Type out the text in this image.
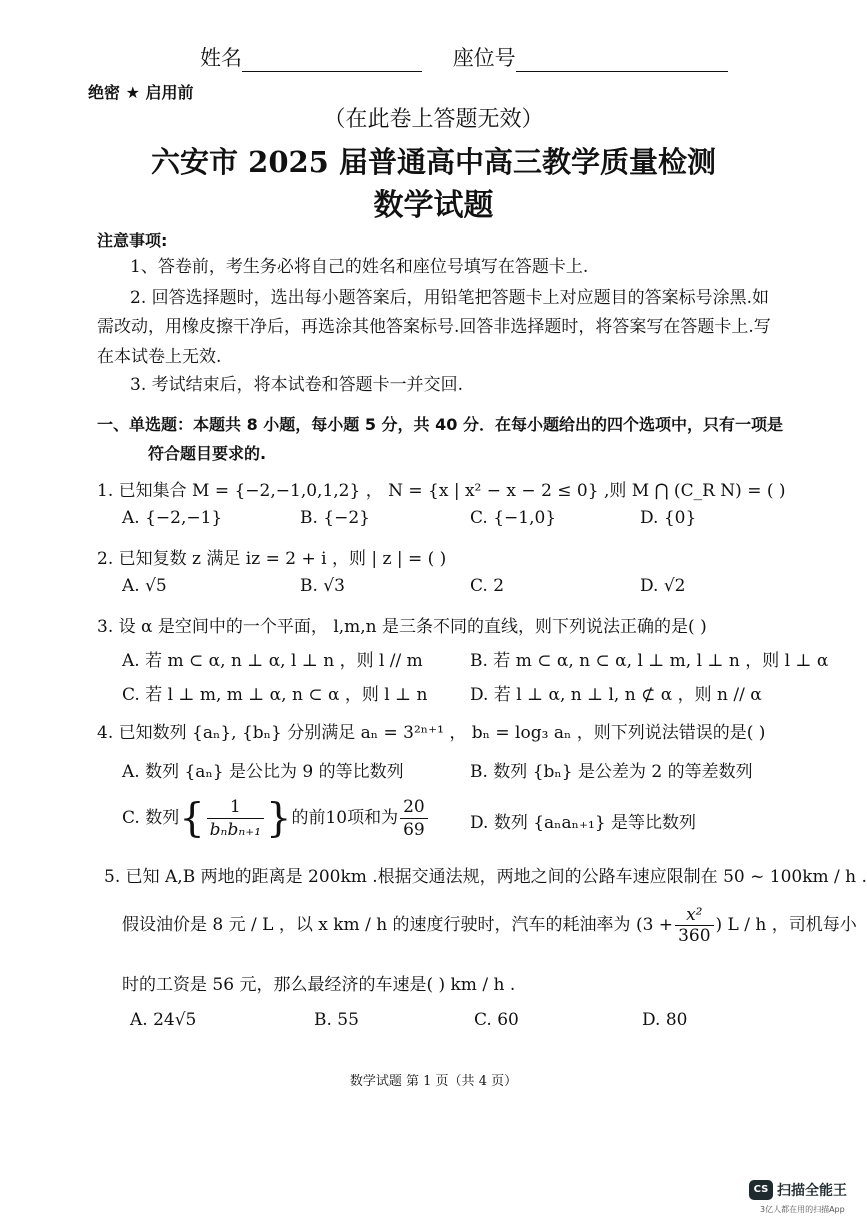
姓名	座位号
绝密 ★ 启用前
（在此卷上答题无效）
六安市 2025 届普通高中高三教学质量检测
数学试题
注意事项:
1、答卷前，考生务必将自己的姓名和座位号填写在答题卡上.
2. 回答选择题时，选出每小题答案后，用铅笔把答题卡上对应题目的答案标号涂黑.如
需改动，用橡皮擦干净后，再选涂其他答案标号.回答非选择题时，将答案写在答题卡上.写
在本试卷上无效.
3. 考试结束后，将本试卷和答题卡一并交回.
一、单选题：本题共 8 小题，每小题 5 分，共 40 分．在每小题给出的四个选项中，只有一项是
符合题目要求的.
1. 已知集合 M = {−2,−1,0,1,2} ， N = {x | x² − x − 2 ≤ 0} ,则 M ⋂ (C_R N) = ( )
A. {−2,−1}	B. {−2}	C. {−1,0}	D. {0}
2. 已知复数 z 满足 iz = 2 + i ，则 | z | = ( )
A. √5	B. √3	C. 2	D. √2
3. 设 α 是空间中的一个平面， l,m,n 是三条不同的直线，则下列说法正确的是( )
A. 若 m ⊂ α, n ⊥ α, l ⊥ n ，则 l // m	B. 若 m ⊂ α, n ⊂ α, l ⊥ m, l ⊥ n ，则 l ⊥ α
C. 若 l ⊥ m, m ⊥ α, n ⊂ α ，则 l ⊥ n	D. 若 l ⊥ α, n ⊥ l, n ⊄ α ，则 n // α
4. 已知数列 {aₙ}, {bₙ} 分别满足 aₙ = 3²ⁿ⁺¹ ， bₙ = log₃ aₙ ，则下列说法错误的是( )
A. 数列 {aₙ} 是公比为 9 的等比数列	B. 数列 {bₙ} 是公差为 2 的等差数列
C. 数列{ $\frac{1}{\text{bₙbₙ₊₁}}$ }的前10项和为 $\frac{20}{69} D$. 数列 {aₙaₙ₊₁} 是等比数列
5. 已知 A,B 两地的距离是 200km .根据交通法规，两地之间的公路车速应限制在 50 ~ 100km / h .
假设油价是 8 元 / L ，以 x km / h 的速度行驶时，汽车的耗油率为 ($3 + \frac{\text{x²}}{360}$ ) L / h ，司机每小
时的工资是 56 元，那么最经济的车速是( ) km / h .
A. 24√5	B. 55	C. 60	D. 80
数学试题 第 1 页（共 4 页）
CS 扫描全能王
3亿人都在用的扫描App
